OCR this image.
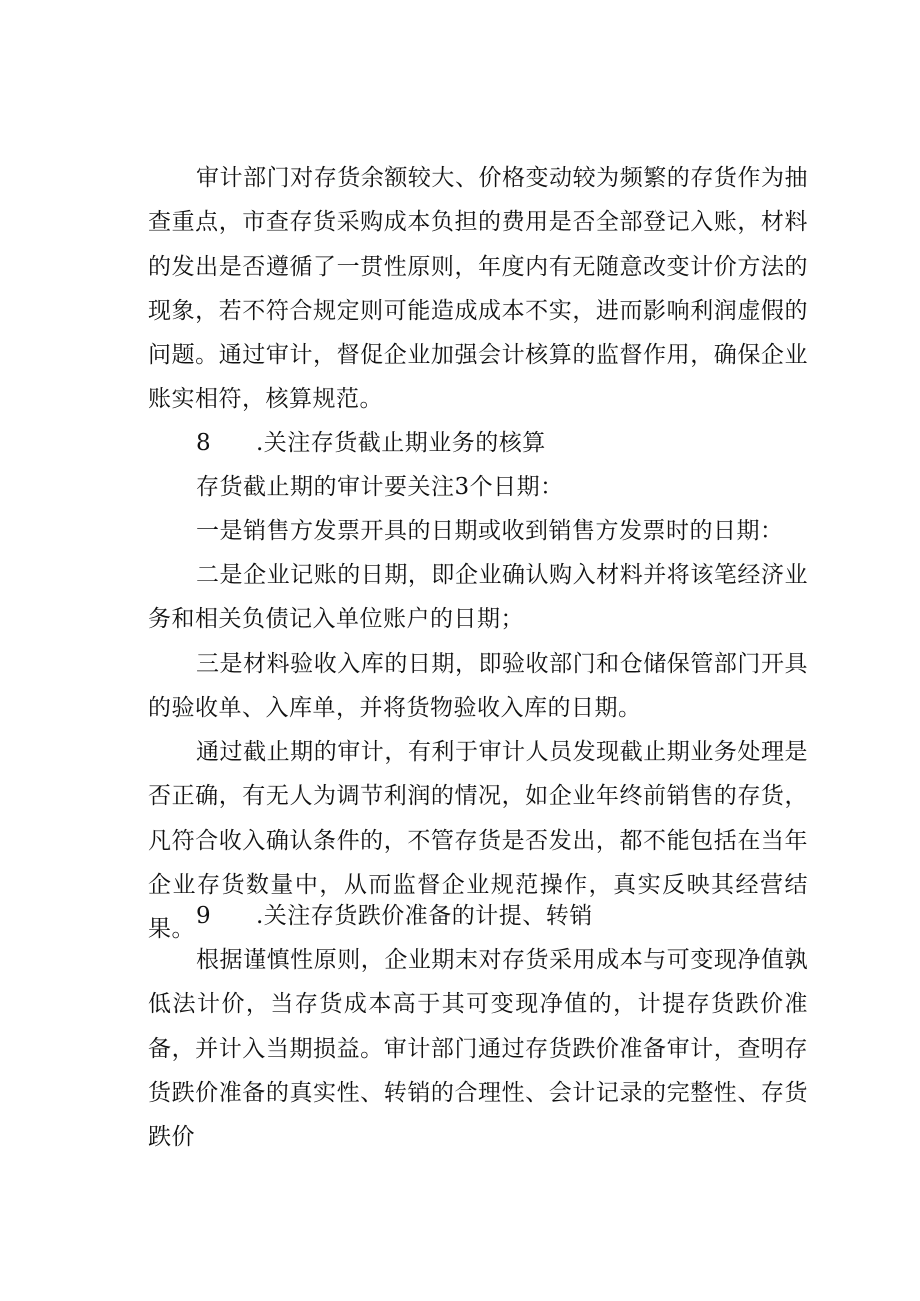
审计部门对存货余额较大、价格变动较为频繁的存货作为抽查重点，市查存货采购成本负担的费用是否全部登记入账，材料的发出是否遵循了一贯性原则，年度内有无随意改变计价方法的现象，若不符合规定则可能造成成本不实，进而影响利润虚假的问题。通过审计，督促企业加强会计核算的监督作用，确保企业账实相符，核算规范。

8 .关注存货截止期业务的核算

存货截止期的审计要关注3个日期：

一是销售方发票开具的日期或收到销售方发票时的日期：

二是企业记账的日期，即企业确认购入材料并将该笔经济业务和相关负债记入单位账户的日期；

三是材料验收入库的日期，即验收部门和仓储保管部门开具的验收单、入库单，并将货物验收入库的日期。

通过截止期的审计，有利于审计人员发现截止期业务处理是否正确，有无人为调节利润的情况，如企业年终前销售的存货，凡符合收入确认条件的，不管存货是否发出，都不能包括在当年企业存货数量中，从而监督企业规范操作，真实反映其经营结果。

9 .关注存货跌价准备的计提、转销

根据谨慎性原则，企业期末对存货采用成本与可变现净值孰低法计价，当存货成本高于其可变现净值的，计提存货跌价准备，并计入当期损益。审计部门通过存货跌价准备审计，查明存货跌价准备的真实性、转销的合理性、会计记录的完整性、存货跌价
